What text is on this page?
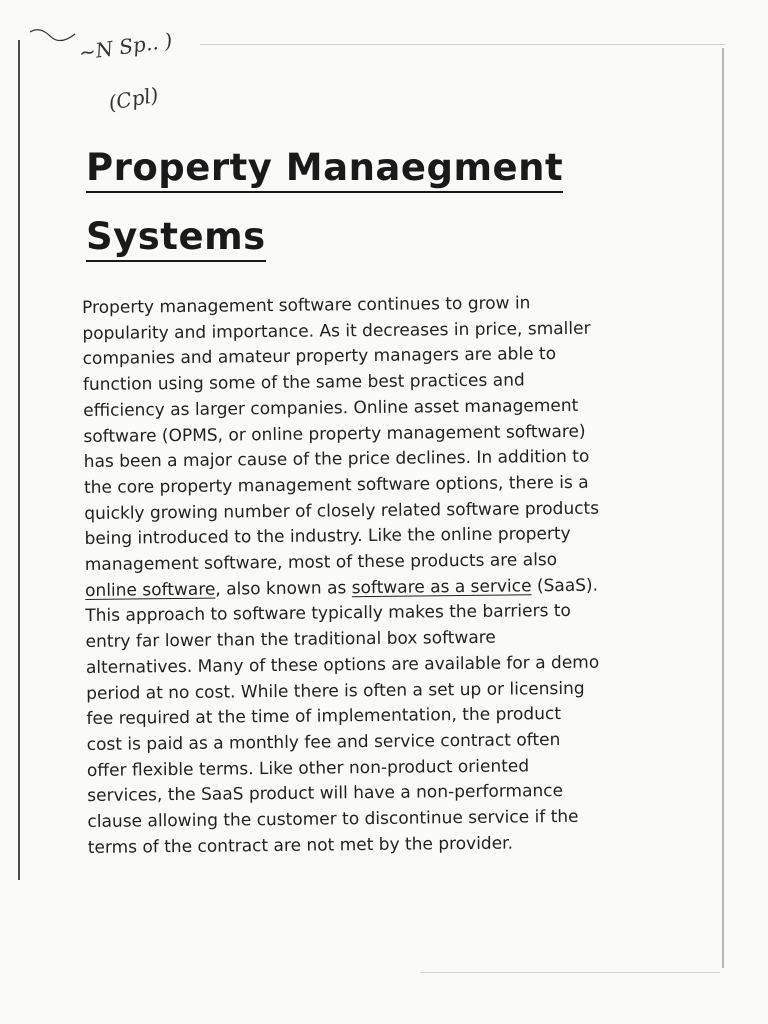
~N Sp.. )
(Cpl)
Property Manaegment
Systems
Property management software continues to grow in
popularity and importance. As it decreases in price, smaller
companies and amateur property managers are able to
function using some of the same best practices and
efficiency as larger companies. Online asset management
software (OPMS, or online property management software)
has been a major cause of the price declines. In addition to
the core property management software options, there is a
quickly growing number of closely related software products
being introduced to the industry. Like the online property
management software, most of these products are also
online software, also known as software as a service (SaaS).
This approach to software typically makes the barriers to
entry far lower than the traditional box software
alternatives. Many of these options are available for a demo
period at no cost. While there is often a set up or licensing
fee required at the time of implementation, the product
cost is paid as a monthly fee and service contract often
offer flexible terms. Like other non-product oriented
services, the SaaS product will have a non-performance
clause allowing the customer to discontinue service if the
terms of the contract are not met by the provider.
